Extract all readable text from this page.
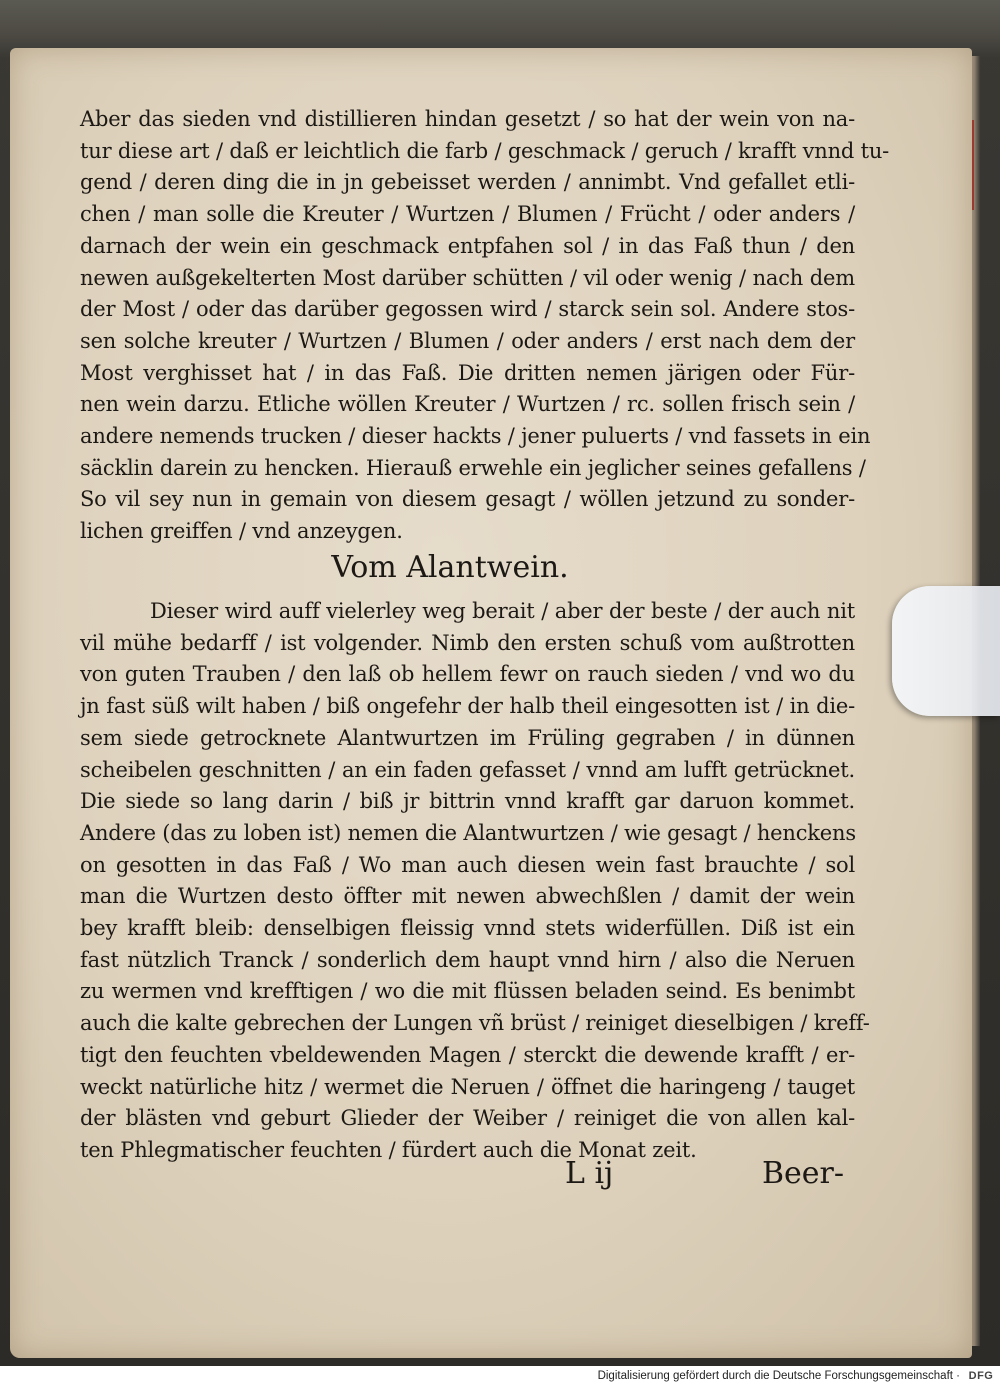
Aber das sieden vnd distillieren hindan gesetzt / so hat der wein von na-
tur diese art / daß er leichtlich die farb / geschmack / geruch / krafft vnnd tu-
gend / deren ding die in jn gebeisset werden / annimbt. Vnd gefallet etli-
chen / man solle die Kreuter / Wurtzen / Blumen / Frücht / oder anders /
darnach der wein ein geschmack entpfahen sol / in das Faß thun / den
newen außgekelterten Most darüber schütten / vil oder wenig / nach dem
der Most / oder das darüber gegossen wird / starck sein sol. Andere stos-
sen solche kreuter / Wurtzen / Blumen / oder anders / erst nach dem der
Most verghisset hat / in das Faß. Die dritten nemen järigen oder Für-
nen wein darzu. Etliche wöllen Kreuter / Wurtzen / rc. sollen frisch sein /
andere nemends trucken / dieser hackts / jener puluerts / vnd fassets in ein
säcklin darein zu hencken. Hierauß erwehle ein jeglicher seines gefallens /
So vil sey nun in gemain von diesem gesagt / wöllen jetzund zu sonder-
lichen greiffen / vnd anzeygen.
Vom Alantwein.
Dieser wird auff vielerley weg berait / aber der beste / der auch nit
vil mühe bedarff / ist volgender. Nimb den ersten schuß vom außtrotten
von guten Trauben / den laß ob hellem fewr on rauch sieden / vnd wo du
jn fast süß wilt haben / biß ongefehr der halb theil eingesotten ist / in die-
sem siede getrocknete Alantwurtzen im Früling gegraben / in dünnen
scheibelen geschnitten / an ein faden gefasset / vnnd am lufft getrücknet.
Die siede so lang darin / biß jr bittrin vnnd krafft gar daruon kommet.
Andere (das zu loben ist) nemen die Alantwurtzen / wie gesagt / henckens
on gesotten in das Faß / Wo man auch diesen wein fast brauchte / sol
man die Wurtzen desto öffter mit newen abwechßlen / damit der wein
bey krafft bleib: denselbigen fleissig vnnd stets widerfüllen. Diß ist ein
fast nützlich Tranck / sonderlich dem haupt vnnd hirn / also die Neruen
zu wermen vnd krefftigen / wo die mit flüssen beladen seind. Es benimbt
auch die kalte gebrechen der Lungen vñ brüst / reiniget dieselbigen / kreff-
tigt den feuchten vbeldewenden Magen / sterckt die dewende krafft / er-
weckt natürliche hitz / wermet die Neruen / öffnet die haringeng / tauget
der blästen vnd geburt Glieder der Weiber / reiniget die von allen kal-
ten Phlegmatischer feuchten / fürdert auch die Monat zeit.
L ij	Beer-
Digitalisierung gefördert durch die Deutsche Forschungsgemeinschaft · DFG
